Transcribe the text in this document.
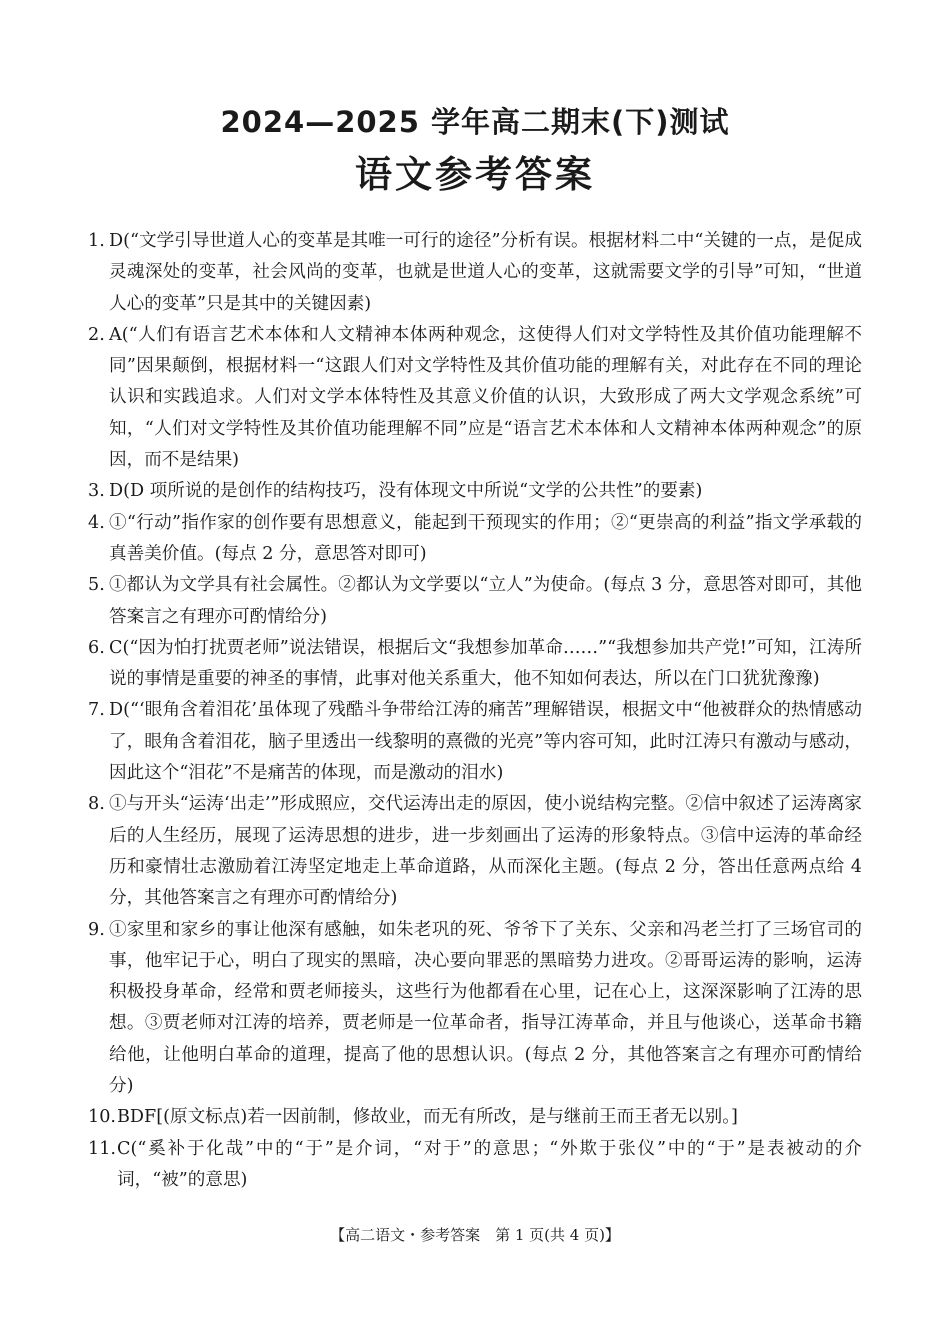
2024—2025 学年高二期末(下)测试
语文参考答案
1. D(“文学引导世道人心的变革是其唯一可行的途径”分析有误。根据材料二中“关键的一点，是促成灵魂深处的变革，社会风尚的变革，也就是世道人心的变革，这就需要文学的引导”可知，“世道人心的变革”只是其中的关键因素)
2. A(“人们有语言艺术本体和人文精神本体两种观念，这使得人们对文学特性及其价值功能理解不同”因果颠倒，根据材料一“这跟人们对文学特性及其价值功能的理解有关，对此存在不同的理论认识和实践追求。人们对文学本体特性及其意义价值的认识，大致形成了两大文学观念系统”可知，“人们对文学特性及其价值功能理解不同”应是“语言艺术本体和人文精神本体两种观念”的原因，而不是结果)
3. D(D 项所说的是创作的结构技巧，没有体现文中所说“文学的公共性”的要素)
4. ①“行动”指作家的创作要有思想意义，能起到干预现实的作用；②“更崇高的利益”指文学承载的真善美价值。(每点 2 分，意思答对即可)
5. ①都认为文学具有社会属性。②都认为文学要以“立人”为使命。(每点 3 分，意思答对即可，其他答案言之有理亦可酌情给分)
6. C(“因为怕打扰贾老师”说法错误，根据后文“我想参加革命……”“我想参加共产党!”可知，江涛所说的事情是重要的神圣的事情，此事对他关系重大，他不知如何表达，所以在门口犹犹豫豫)
7. D(“‘眼角含着泪花’虽体现了残酷斗争带给江涛的痛苦”理解错误，根据文中“他被群众的热情感动了，眼角含着泪花，脑子里透出一线黎明的熹微的光亮”等内容可知，此时江涛只有激动与感动，因此这个“泪花”不是痛苦的体现，而是激动的泪水)
8. ①与开头“运涛‘出走’”形成照应，交代运涛出走的原因，使小说结构完整。②信中叙述了运涛离家后的人生经历，展现了运涛思想的进步，进一步刻画出了运涛的形象特点。③信中运涛的革命经历和豪情壮志激励着江涛坚定地走上革命道路，从而深化主题。(每点 2 分，答出任意两点给 4 分，其他答案言之有理亦可酌情给分)
9. ①家里和家乡的事让他深有感触，如朱老巩的死、爷爷下了关东、父亲和冯老兰打了三场官司的事，他牢记于心，明白了现实的黑暗，决心要向罪恶的黑暗势力进攻。②哥哥运涛的影响，运涛积极投身革命，经常和贾老师接头，这些行为他都看在心里，记在心上，这深深影响了江涛的思想。③贾老师对江涛的培养，贾老师是一位革命者，指导江涛革命，并且与他谈心，送革命书籍给他，让他明白革命的道理，提高了他的思想认识。(每点 2 分，其他答案言之有理亦可酌情给分)
10. BDF[(原文标点)若一因前制，修故业，而无有所改，是与继前王而王者无以别。]
11. C(“奚补于化哉”中的“于”是介词，“对于”的意思；“外欺于张仪”中的“于”是表被动的介词，“被”的意思)
【高二语文・参考答案　第 1 页(共 4 页)】
